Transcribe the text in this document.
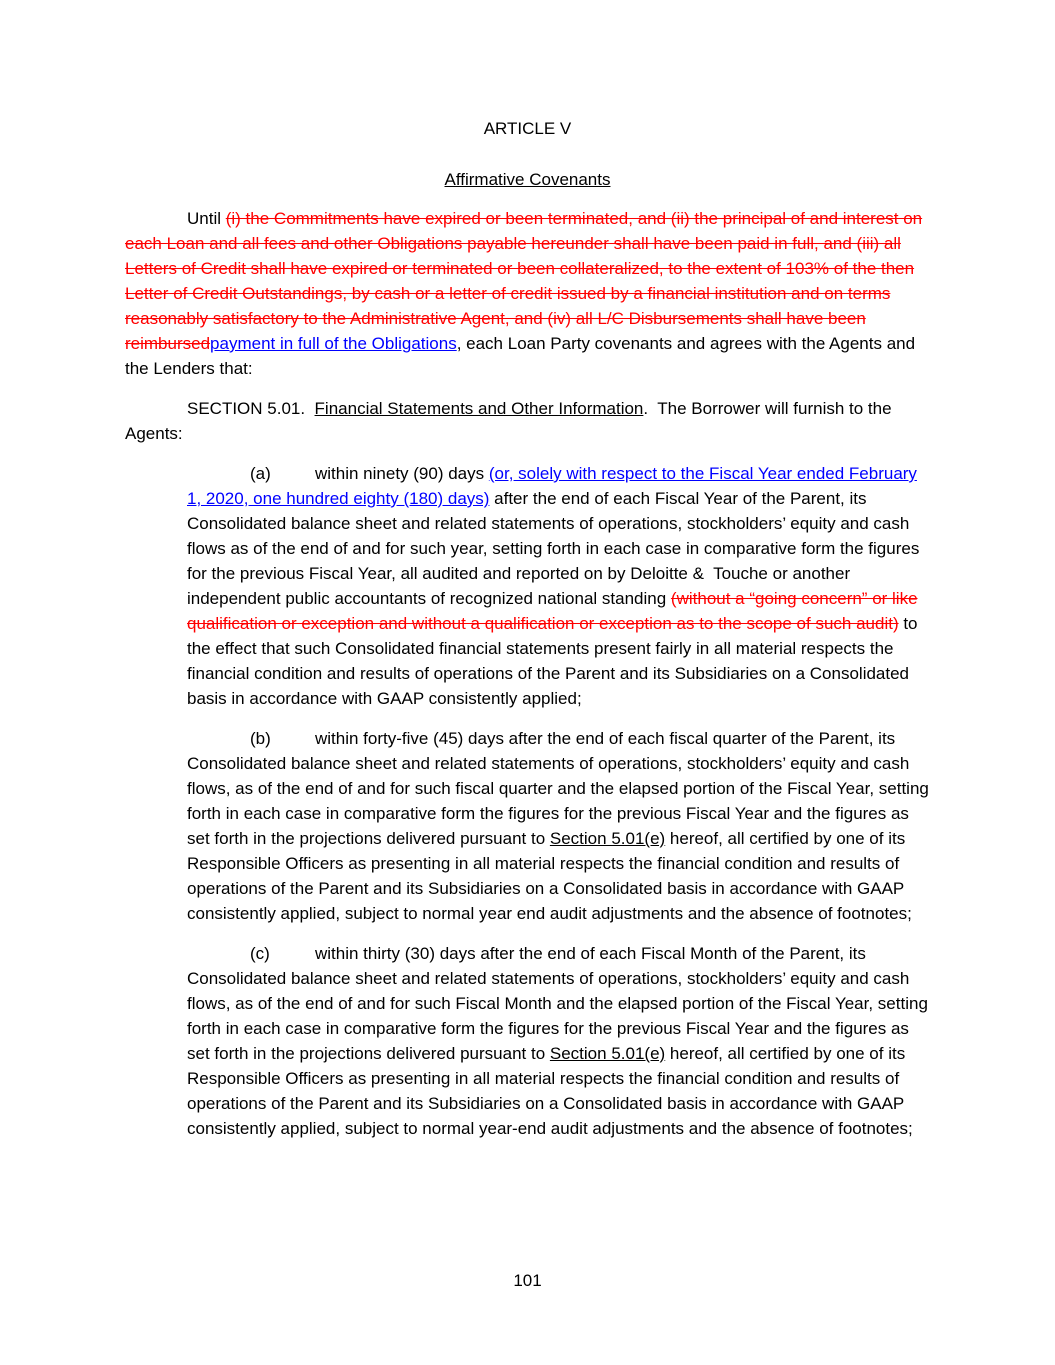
ARTICLE V

Affirmative Covenants

Until (i) the Commitments have expired or been terminated, and (ii) the principal of and interest on each Loan and all fees and other Obligations payable hereunder shall have been paid in full, and (iii) all Letters of Credit shall have expired or terminated or been collateralized, to the extent of 103% of the then Letter of Credit Outstandings, by cash or a letter of credit issued by a financial institution and on terms reasonably satisfactory to the Administrative Agent, and (iv) all L/C Disbursements shall have been reimbursedpayment in full of the Obligations, each Loan Party covenants and agrees with the Agents and the Lenders that:

SECTION 5.01.  Financial Statements and Other Information.  The Borrower will furnish to the Agents:

(a)	within ninety (90) days (or, solely with respect to the Fiscal Year ended February 1, 2020, one hundred eighty (180) days) after the end of each Fiscal Year of the Parent, its Consolidated balance sheet and related statements of operations, stockholders’ equity and cash flows as of the end of and for such year, setting forth in each case in comparative form the figures for the previous Fiscal Year, all audited and reported on by Deloitte &  Touche or another independent public accountants of recognized national standing (without a “going concern” or like qualification or exception and without a qualification or exception as to the scope of such audit) to the effect that such Consolidated financial statements present fairly in all material respects the financial condition and results of operations of the Parent and its Subsidiaries on a Consolidated basis in accordance with GAAP consistently applied;

(b)	within forty-five (45) days after the end of each fiscal quarter of the Parent, its Consolidated balance sheet and related statements of operations, stockholders’ equity and cash flows, as of the end of and for such fiscal quarter and the elapsed portion of the Fiscal Year, setting forth in each case in comparative form the figures for the previous Fiscal Year and the figures as set forth in the projections delivered pursuant to Section 5.01(e) hereof, all certified by one of its Responsible Officers as presenting in all material respects the financial condition and results of operations of the Parent and its Subsidiaries on a Consolidated basis in accordance with GAAP consistently applied, subject to normal year end audit adjustments and the absence of footnotes;

(c)	within thirty (30) days after the end of each Fiscal Month of the Parent, its Consolidated balance sheet and related statements of operations, stockholders’ equity and cash flows, as of the end of and for such Fiscal Month and the elapsed portion of the Fiscal Year, setting forth in each case in comparative form the figures for the previous Fiscal Year and the figures as set forth in the projections delivered pursuant to Section 5.01(e) hereof, all certified by one of its Responsible Officers as presenting in all material respects the financial condition and results of operations of the Parent and its Subsidiaries on a Consolidated basis in accordance with GAAP consistently applied, subject to normal year-end audit adjustments and the absence of footnotes;

101
